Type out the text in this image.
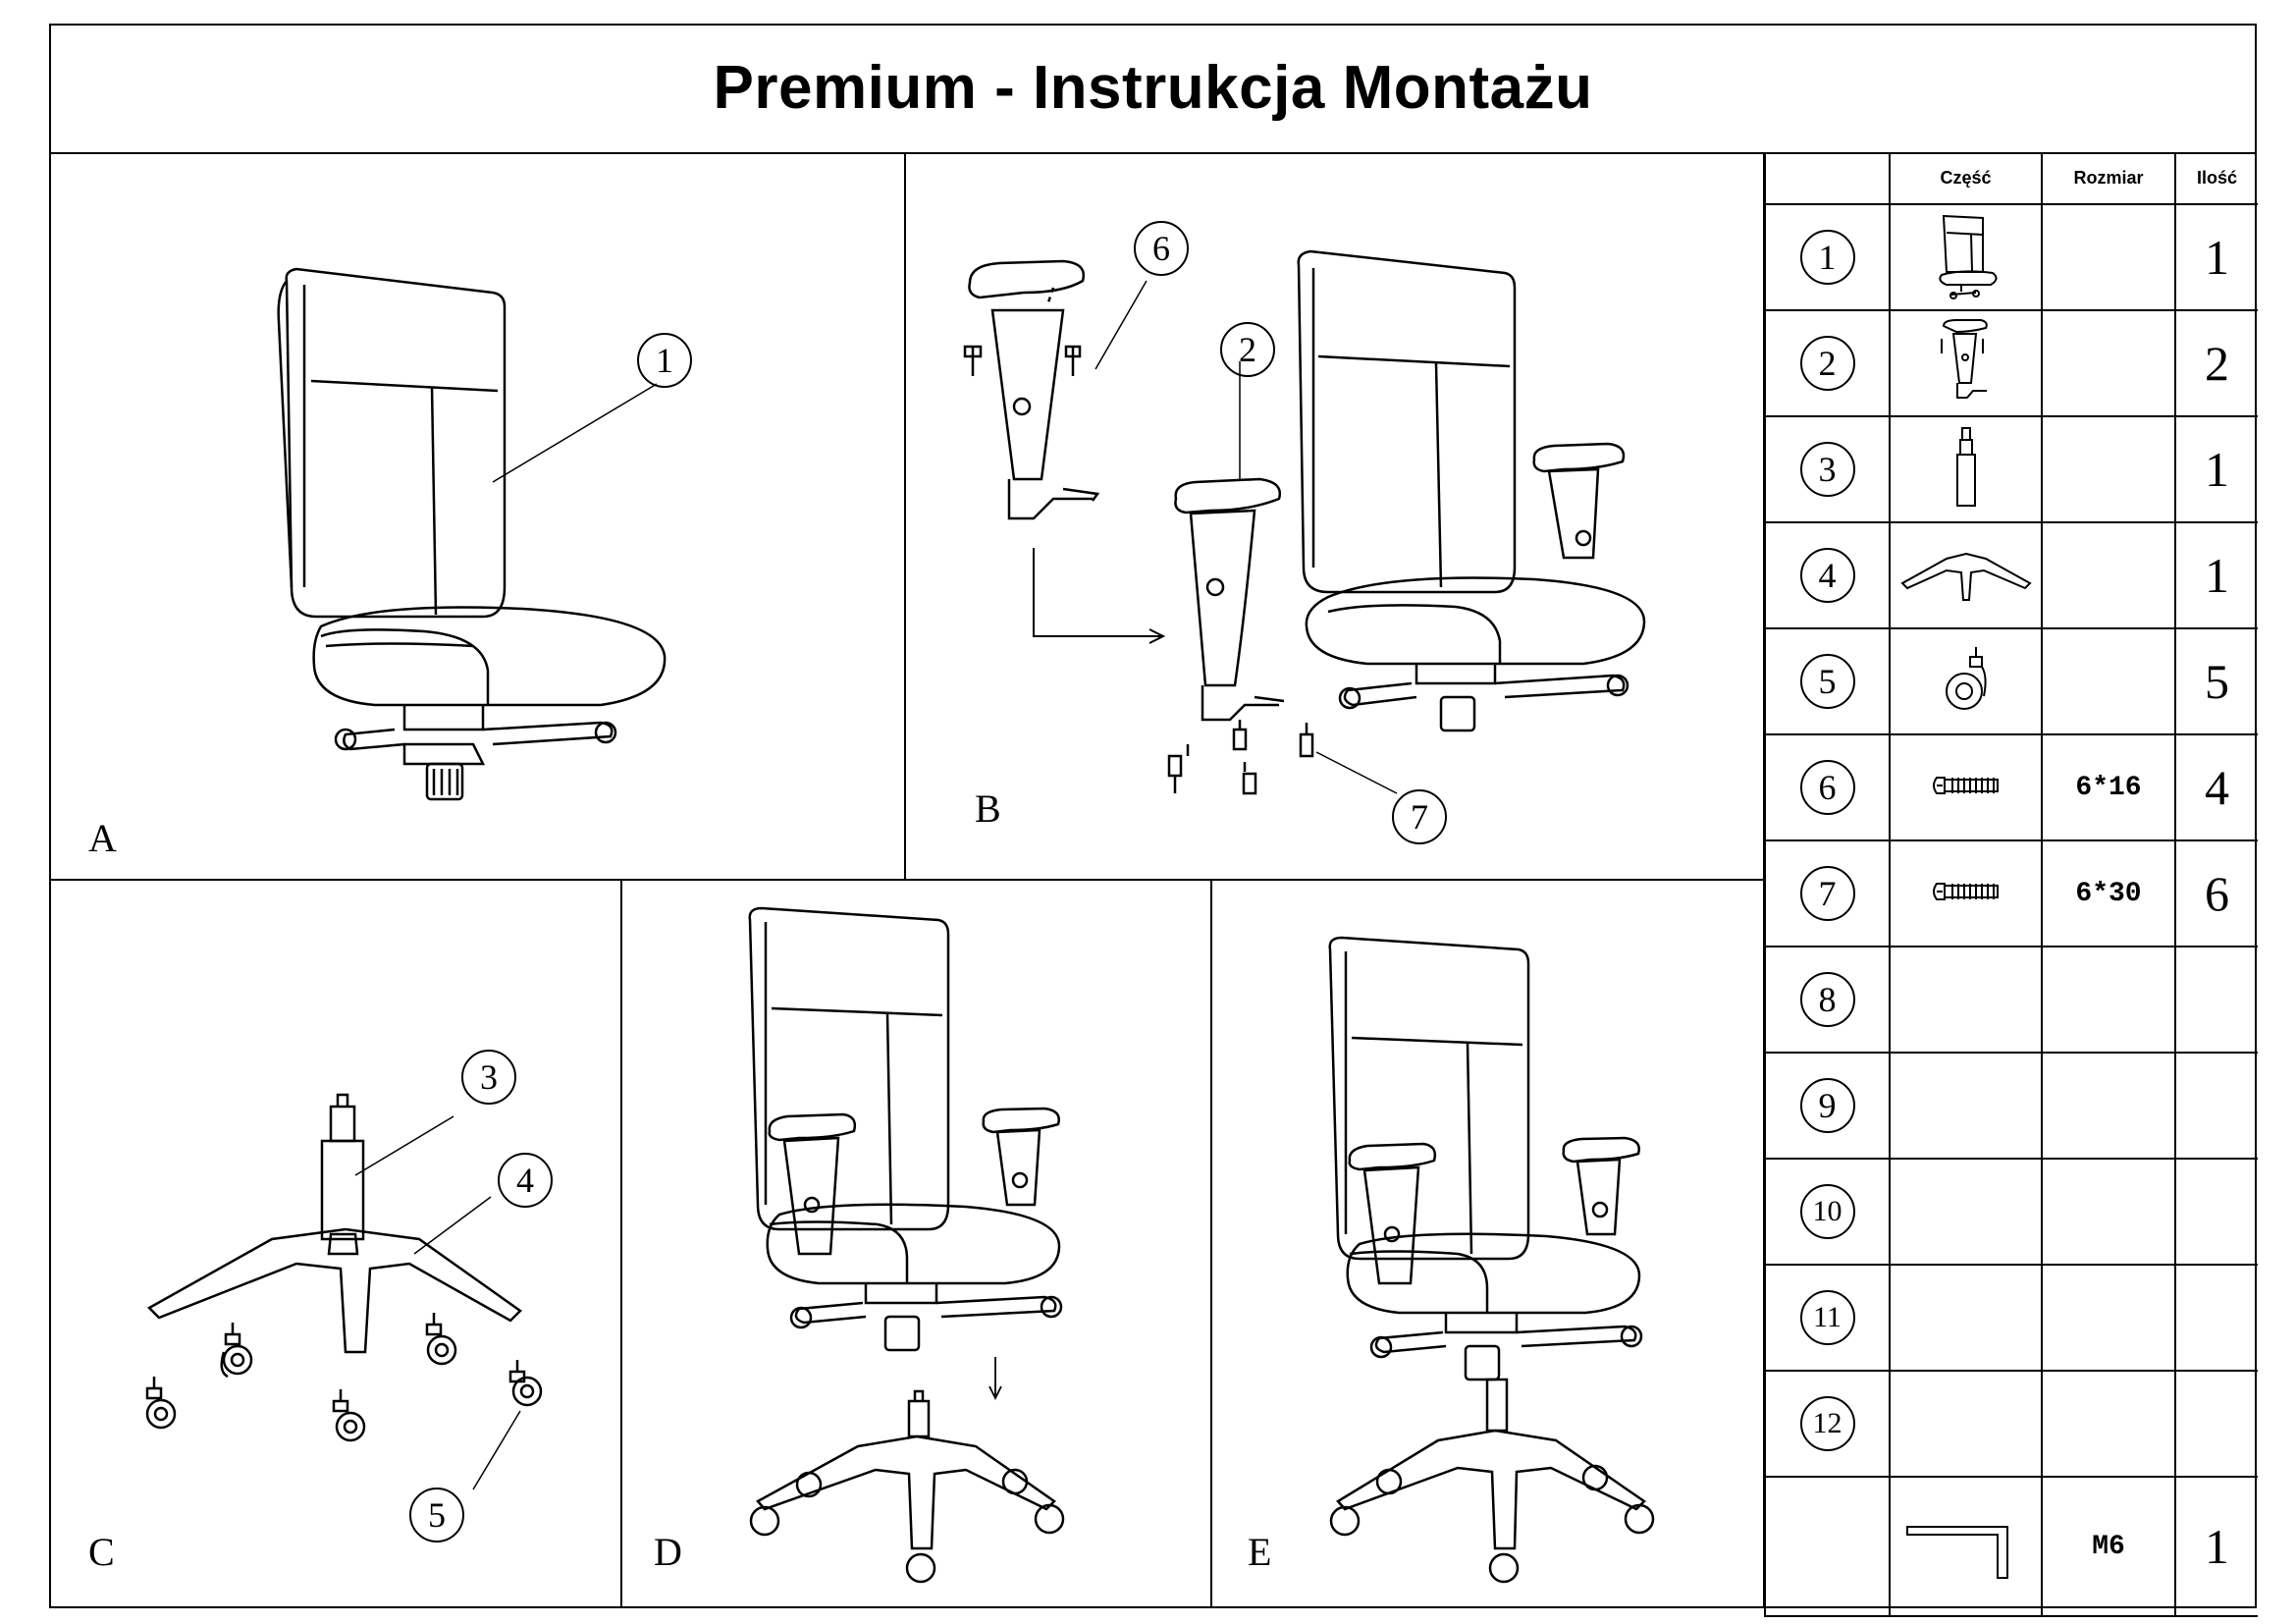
Premium - Instrukcja Montażu
1
A
6
2
7
B
3
4
5
C	D	E
	Część	Rozmiar	Ilość
1			1
2			2
3			1
4			1
5			5
6		6*16	4
7		6*30	6
8			
9			
10			
11			
12			
		M6	1
